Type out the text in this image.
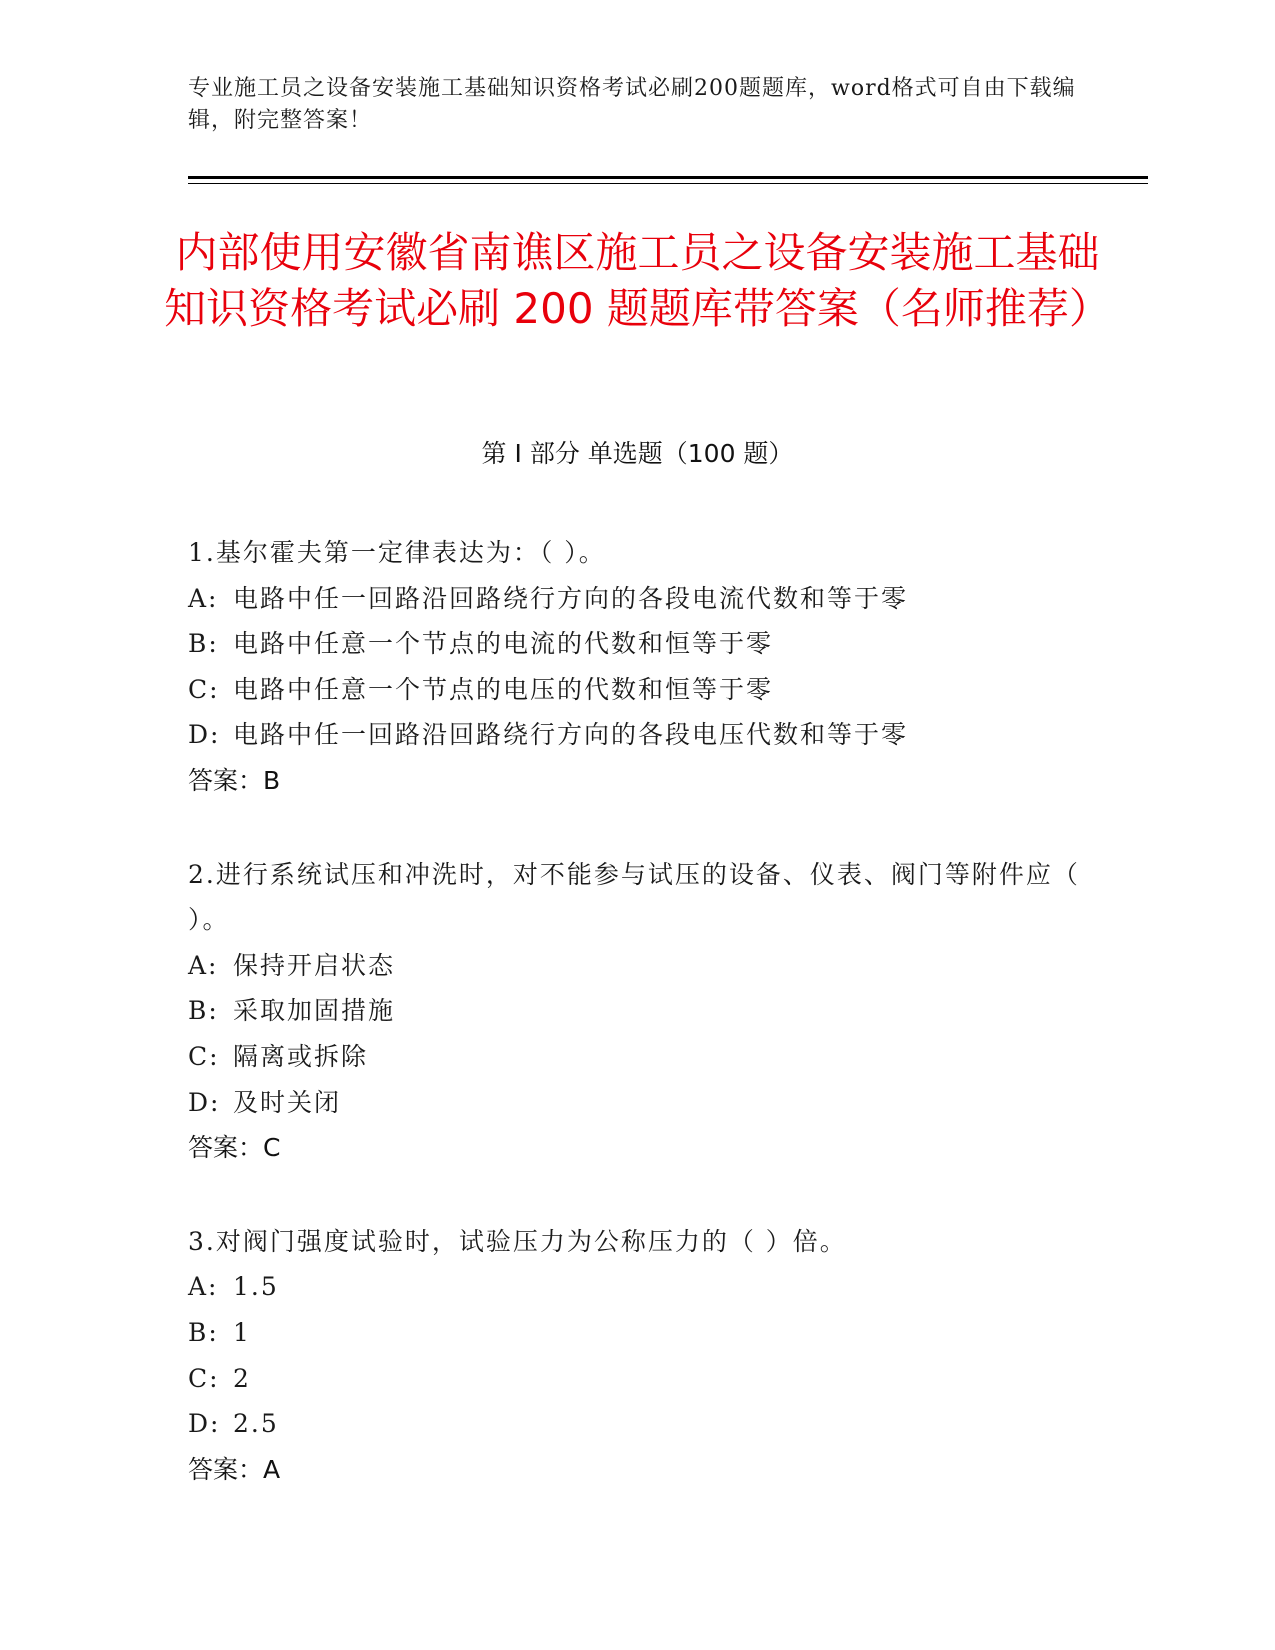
专业施工员之设备安装施工基础知识资格考试必刷200题题库，word格式可自由下载编辑，附完整答案！
内部使用安徽省南谯区施工员之设备安装施工基础知识资格考试必刷 200 题题库带答案（名师推荐）
第 I 部分 单选题（100 题）

1.基尔霍夫第一定律表达为：（ ）。

A: 电路中任一回路沿回路绕行方向的各段电流代数和等于零

B: 电路中任意一个节点的电流的代数和恒等于零

C: 电路中任意一个节点的电压的代数和恒等于零

D: 电路中任一回路沿回路绕行方向的各段电压代数和等于零

答案：B

2.进行系统试压和冲洗时，对不能参与试压的设备、仪表、阀门等附件应（ ）。

A: 保持开启状态

B: 采取加固措施

C: 隔离或拆除

D: 及时关闭

答案：C

3.对阀门强度试验时，试验压力为公称压力的（ ）倍。

A: 1.5

B: 1

C: 2

D: 2.5

答案：A
